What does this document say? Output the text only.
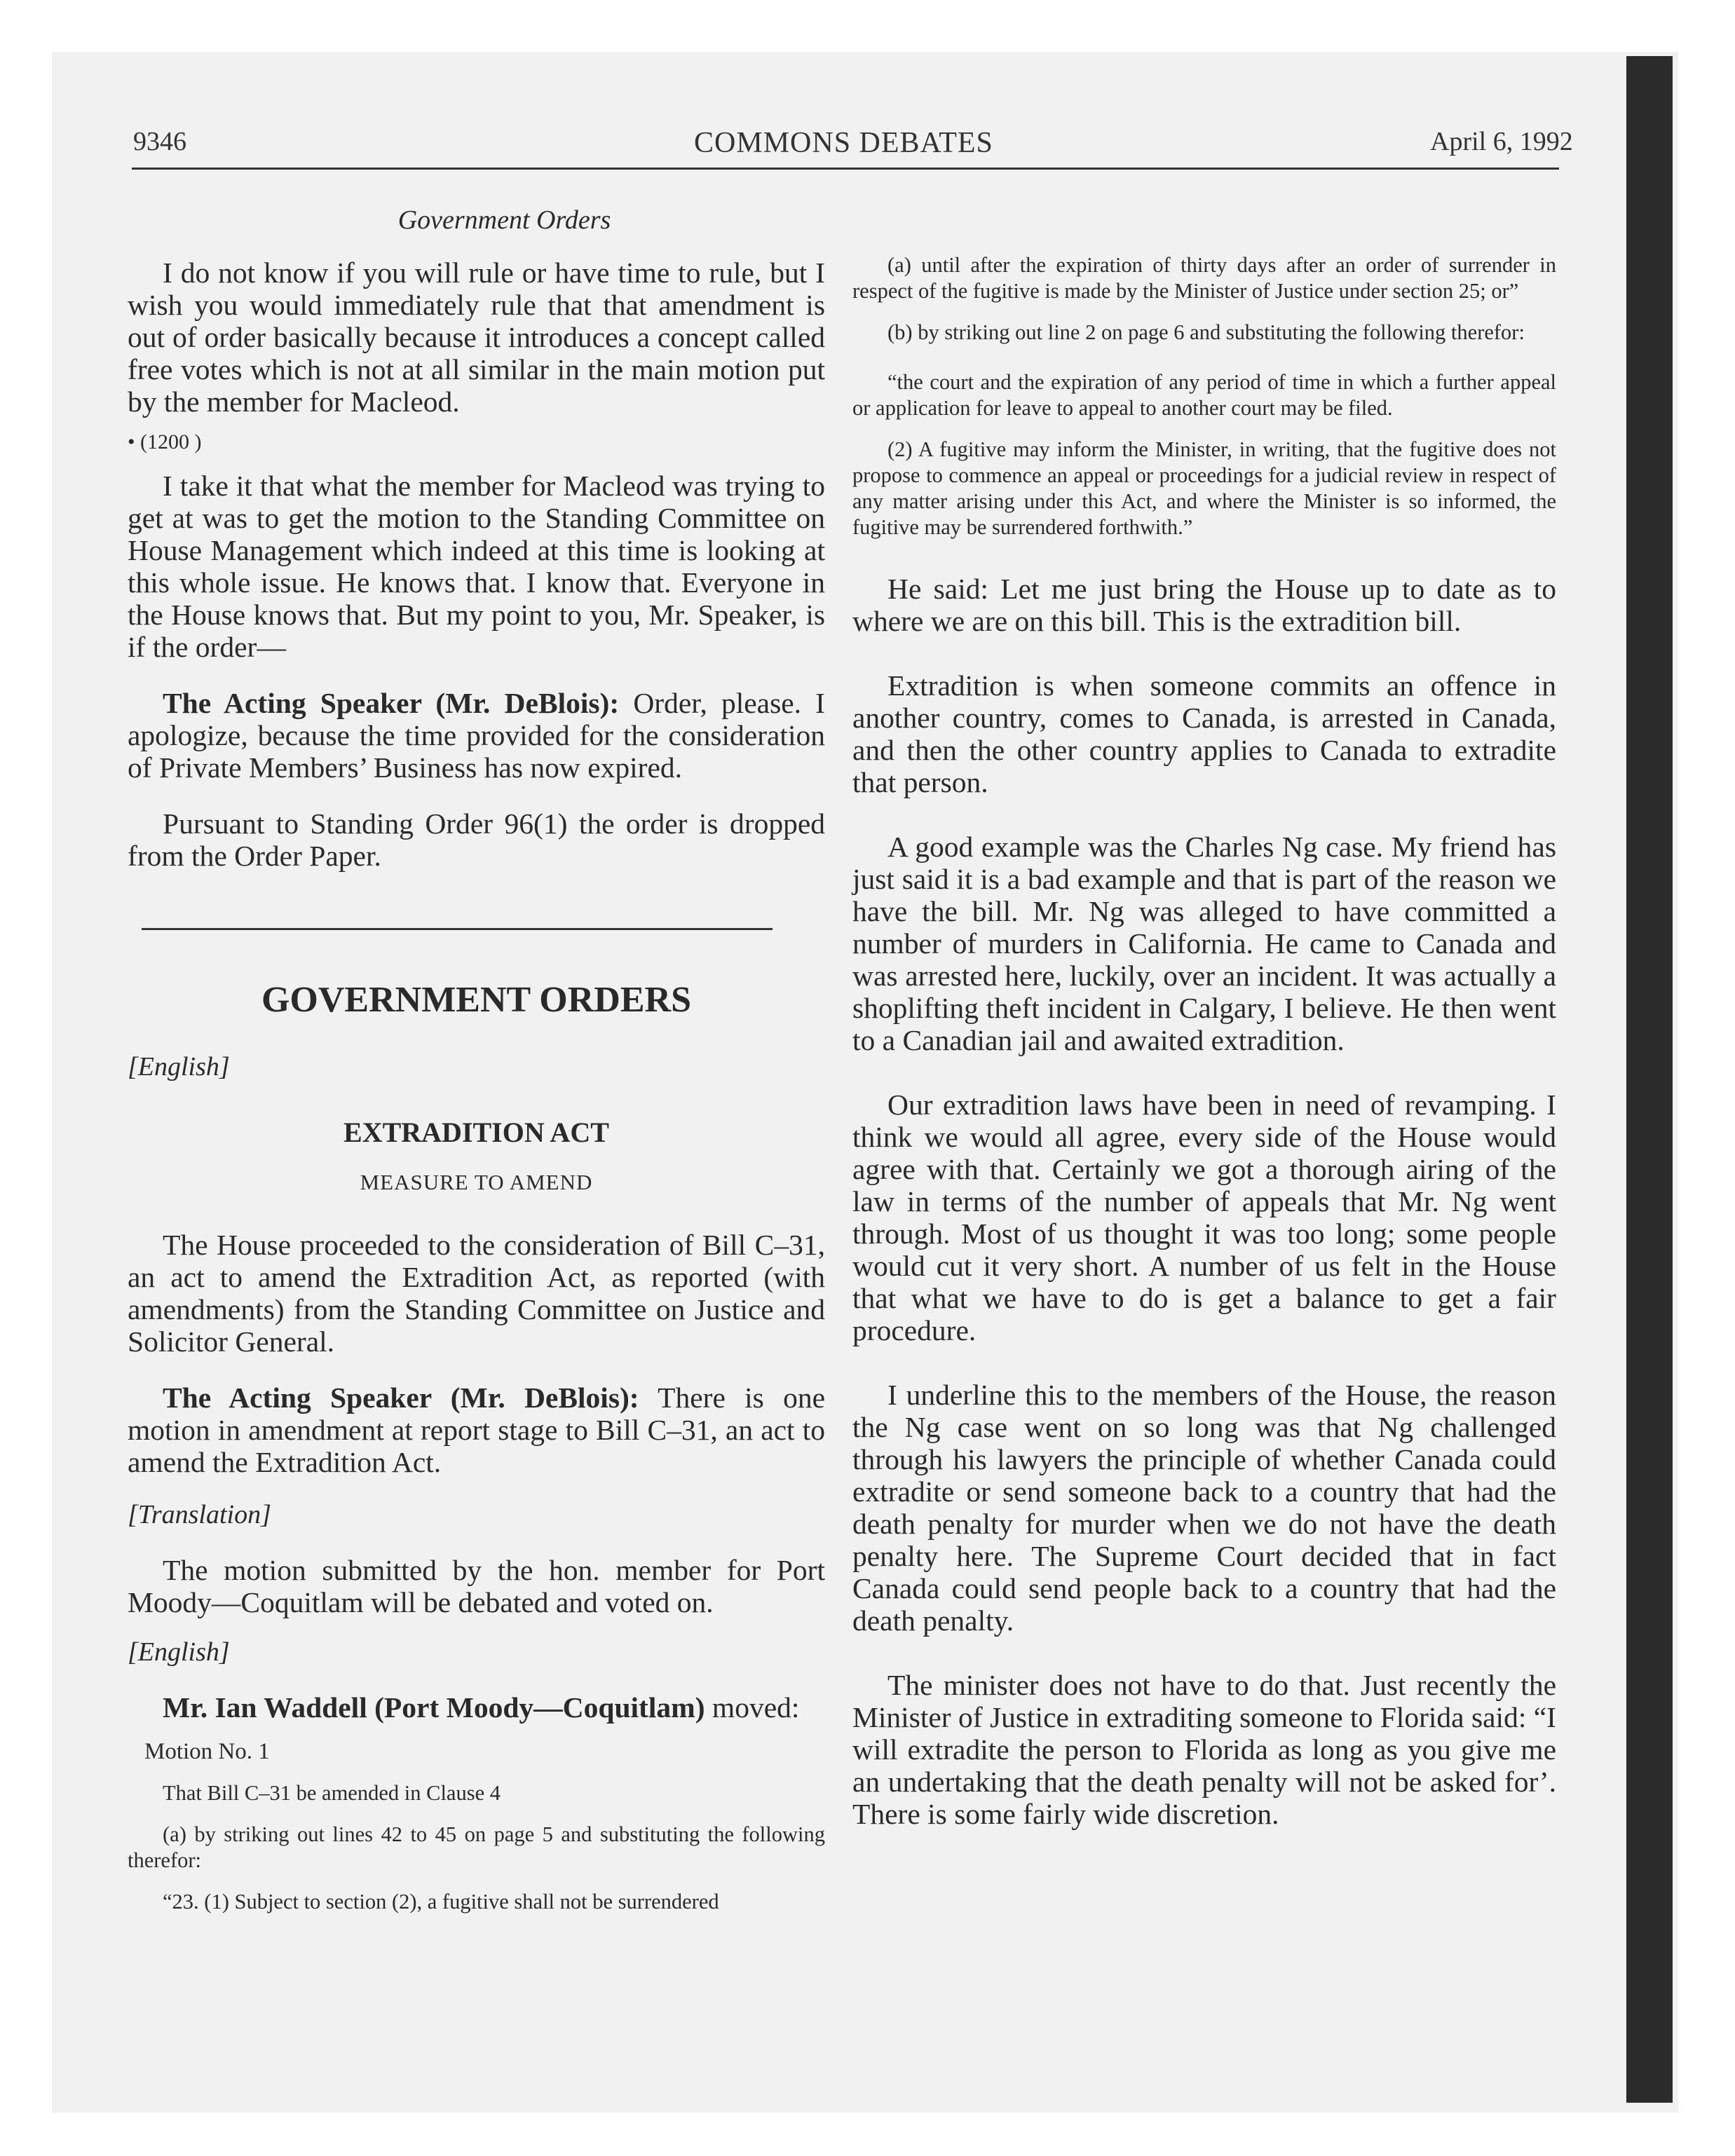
9346	COMMONS DEBATES	April 6, 1992
Government Orders

I do not know if you will rule or have time to rule, but I wish you would immediately rule that that amendment is out of order basically because it introduces a concept called free votes which is not at all similar in the main motion put by the member for Macleod.

• (1200 )

I take it that what the member for Macleod was trying to get at was to get the motion to the Standing Committee on House Management which indeed at this time is looking at this whole issue. He knows that. I know that. Everyone in the House knows that. But my point to you, Mr. Speaker, is if the order—

The Acting Speaker (Mr. DeBlois): Order, please. I apologize, because the time provided for the consideration of Private Members’ Business has now expired.

Pursuant to Standing Order 96(1) the order is dropped from the Order Paper.

GOVERNMENT ORDERS
[English]
EXTRADITION ACT
MEASURE TO AMEND

The House proceeded to the consideration of Bill C–31, an act to amend the Extradition Act, as reported (with amendments) from the Standing Committee on Justice and Solicitor General.

The Acting Speaker (Mr. DeBlois): There is one motion in amendment at report stage to Bill C–31, an act to amend the Extradition Act.

[Translation]

The motion submitted by the hon. member for Port Moody—Coquitlam will be debated and voted on.

[English]

Mr. Ian Waddell (Port Moody—Coquitlam) moved:

Motion No. 1

That Bill C–31 be amended in Clause 4

(a) by striking out lines 42 to 45 on page 5 and substituting the following therefor:

“23. (1) Subject to section (2), a fugitive shall not be surrendered

(a) until after the expiration of thirty days after an order of surrender in respect of the fugitive is made by the Minister of Justice under section 25; or”

(b) by striking out line 2 on page 6 and substituting the following therefor:

“the court and the expiration of any period of time in which a further appeal or application for leave to appeal to another court may be filed.

(2) A fugitive may inform the Minister, in writing, that the fugitive does not propose to commence an appeal or proceedings for a judicial review in respect of any matter arising under this Act, and where the Minister is so informed, the fugitive may be surrendered forthwith.”

He said: Let me just bring the House up to date as to where we are on this bill. This is the extradition bill.

Extradition is when someone commits an offence in another country, comes to Canada, is arrested in Canada, and then the other country applies to Canada to extradite that person.

A good example was the Charles Ng case. My friend has just said it is a bad example and that is part of the reason we have the bill. Mr. Ng was alleged to have committed a number of murders in California. He came to Canada and was arrested here, luckily, over an incident. It was actually a shoplifting theft incident in Calgary, I believe. He then went to a Canadian jail and awaited extradition.

Our extradition laws have been in need of revamping. I think we would all agree, every side of the House would agree with that. Certainly we got a thorough airing of the law in terms of the number of appeals that Mr. Ng went through. Most of us thought it was too long; some people would cut it very short. A number of us felt in the House that what we have to do is get a balance to get a fair procedure.

I underline this to the members of the House, the reason the Ng case went on so long was that Ng challenged through his lawyers the principle of whether Canada could extradite or send someone back to a country that had the death penalty for murder when we do not have the death penalty here. The Supreme Court decided that in fact Canada could send people back to a country that had the death penalty.

The minister does not have to do that. Just recently the Minister of Justice in extraditing someone to Florida said: “I will extradite the person to Florida as long as you give me an undertaking that the death penalty will not be asked for’. There is some fairly wide discretion.
